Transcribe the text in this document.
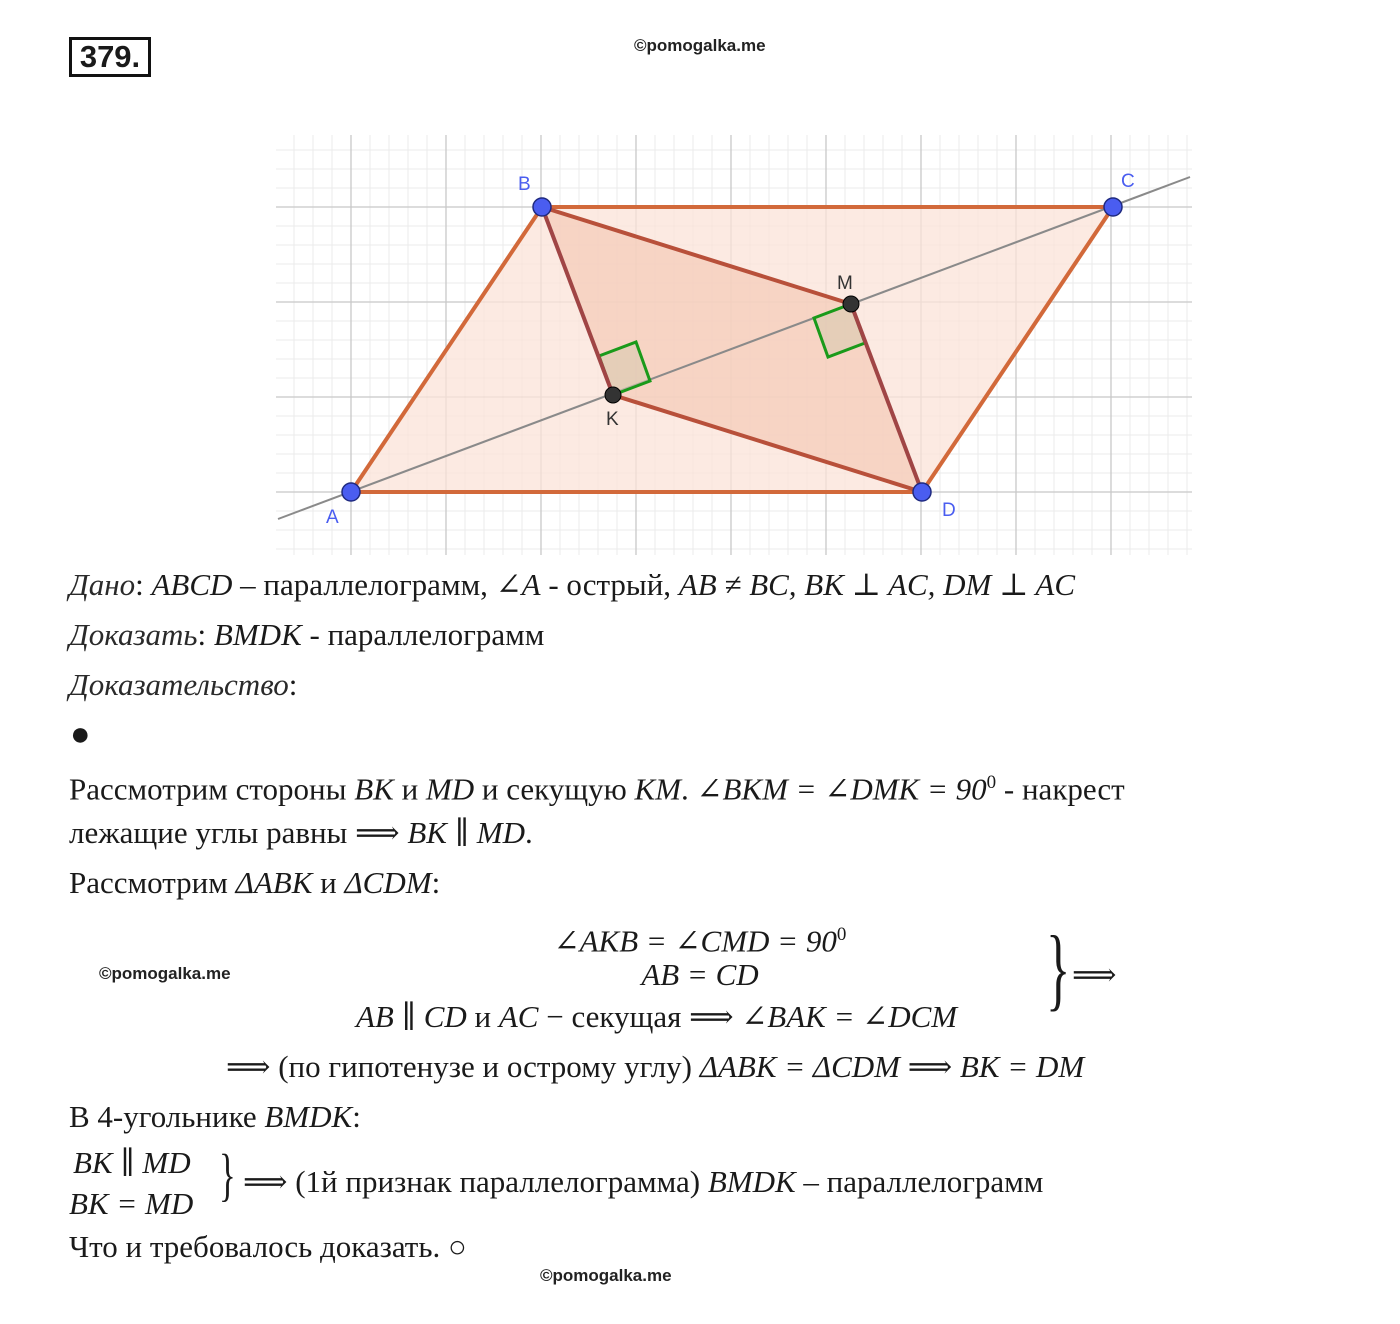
379.	©pomogalka.me
A
B	C
D
M
K
Дано: ABCD – параллелограмм, ∠A - острый, AB ≠ BC, BK ⊥ AC, DM ⊥ AC
Доказать: BMDK - параллелограмм
Доказательство:
●
Рассмотрим стороны BK и MD и секущую KM. ∠BKM = ∠DMK = $90^0$ - накрест
лежащие углы равны ⟹ BK ∥ MD.
Рассмотрим ΔABK и ΔCDM:
∠AKB = ∠CMD = $90^0$
AB = CD
AB ∥ CD и AC − секущая ⟹ ∠BAK = ∠DCM } ⟹
©pomogalka.me
⟹ (по гипотенузе и острому углу) ΔABK = ΔCDM ⟹ BK = DM
В 4-угольнике BMDK:
BK ∥ MD
BK = MD } ⟹ (1й признак параллелограмма) BMDK – параллелограмм
Что и требовалось доказать. ○
©pomogalka.me
